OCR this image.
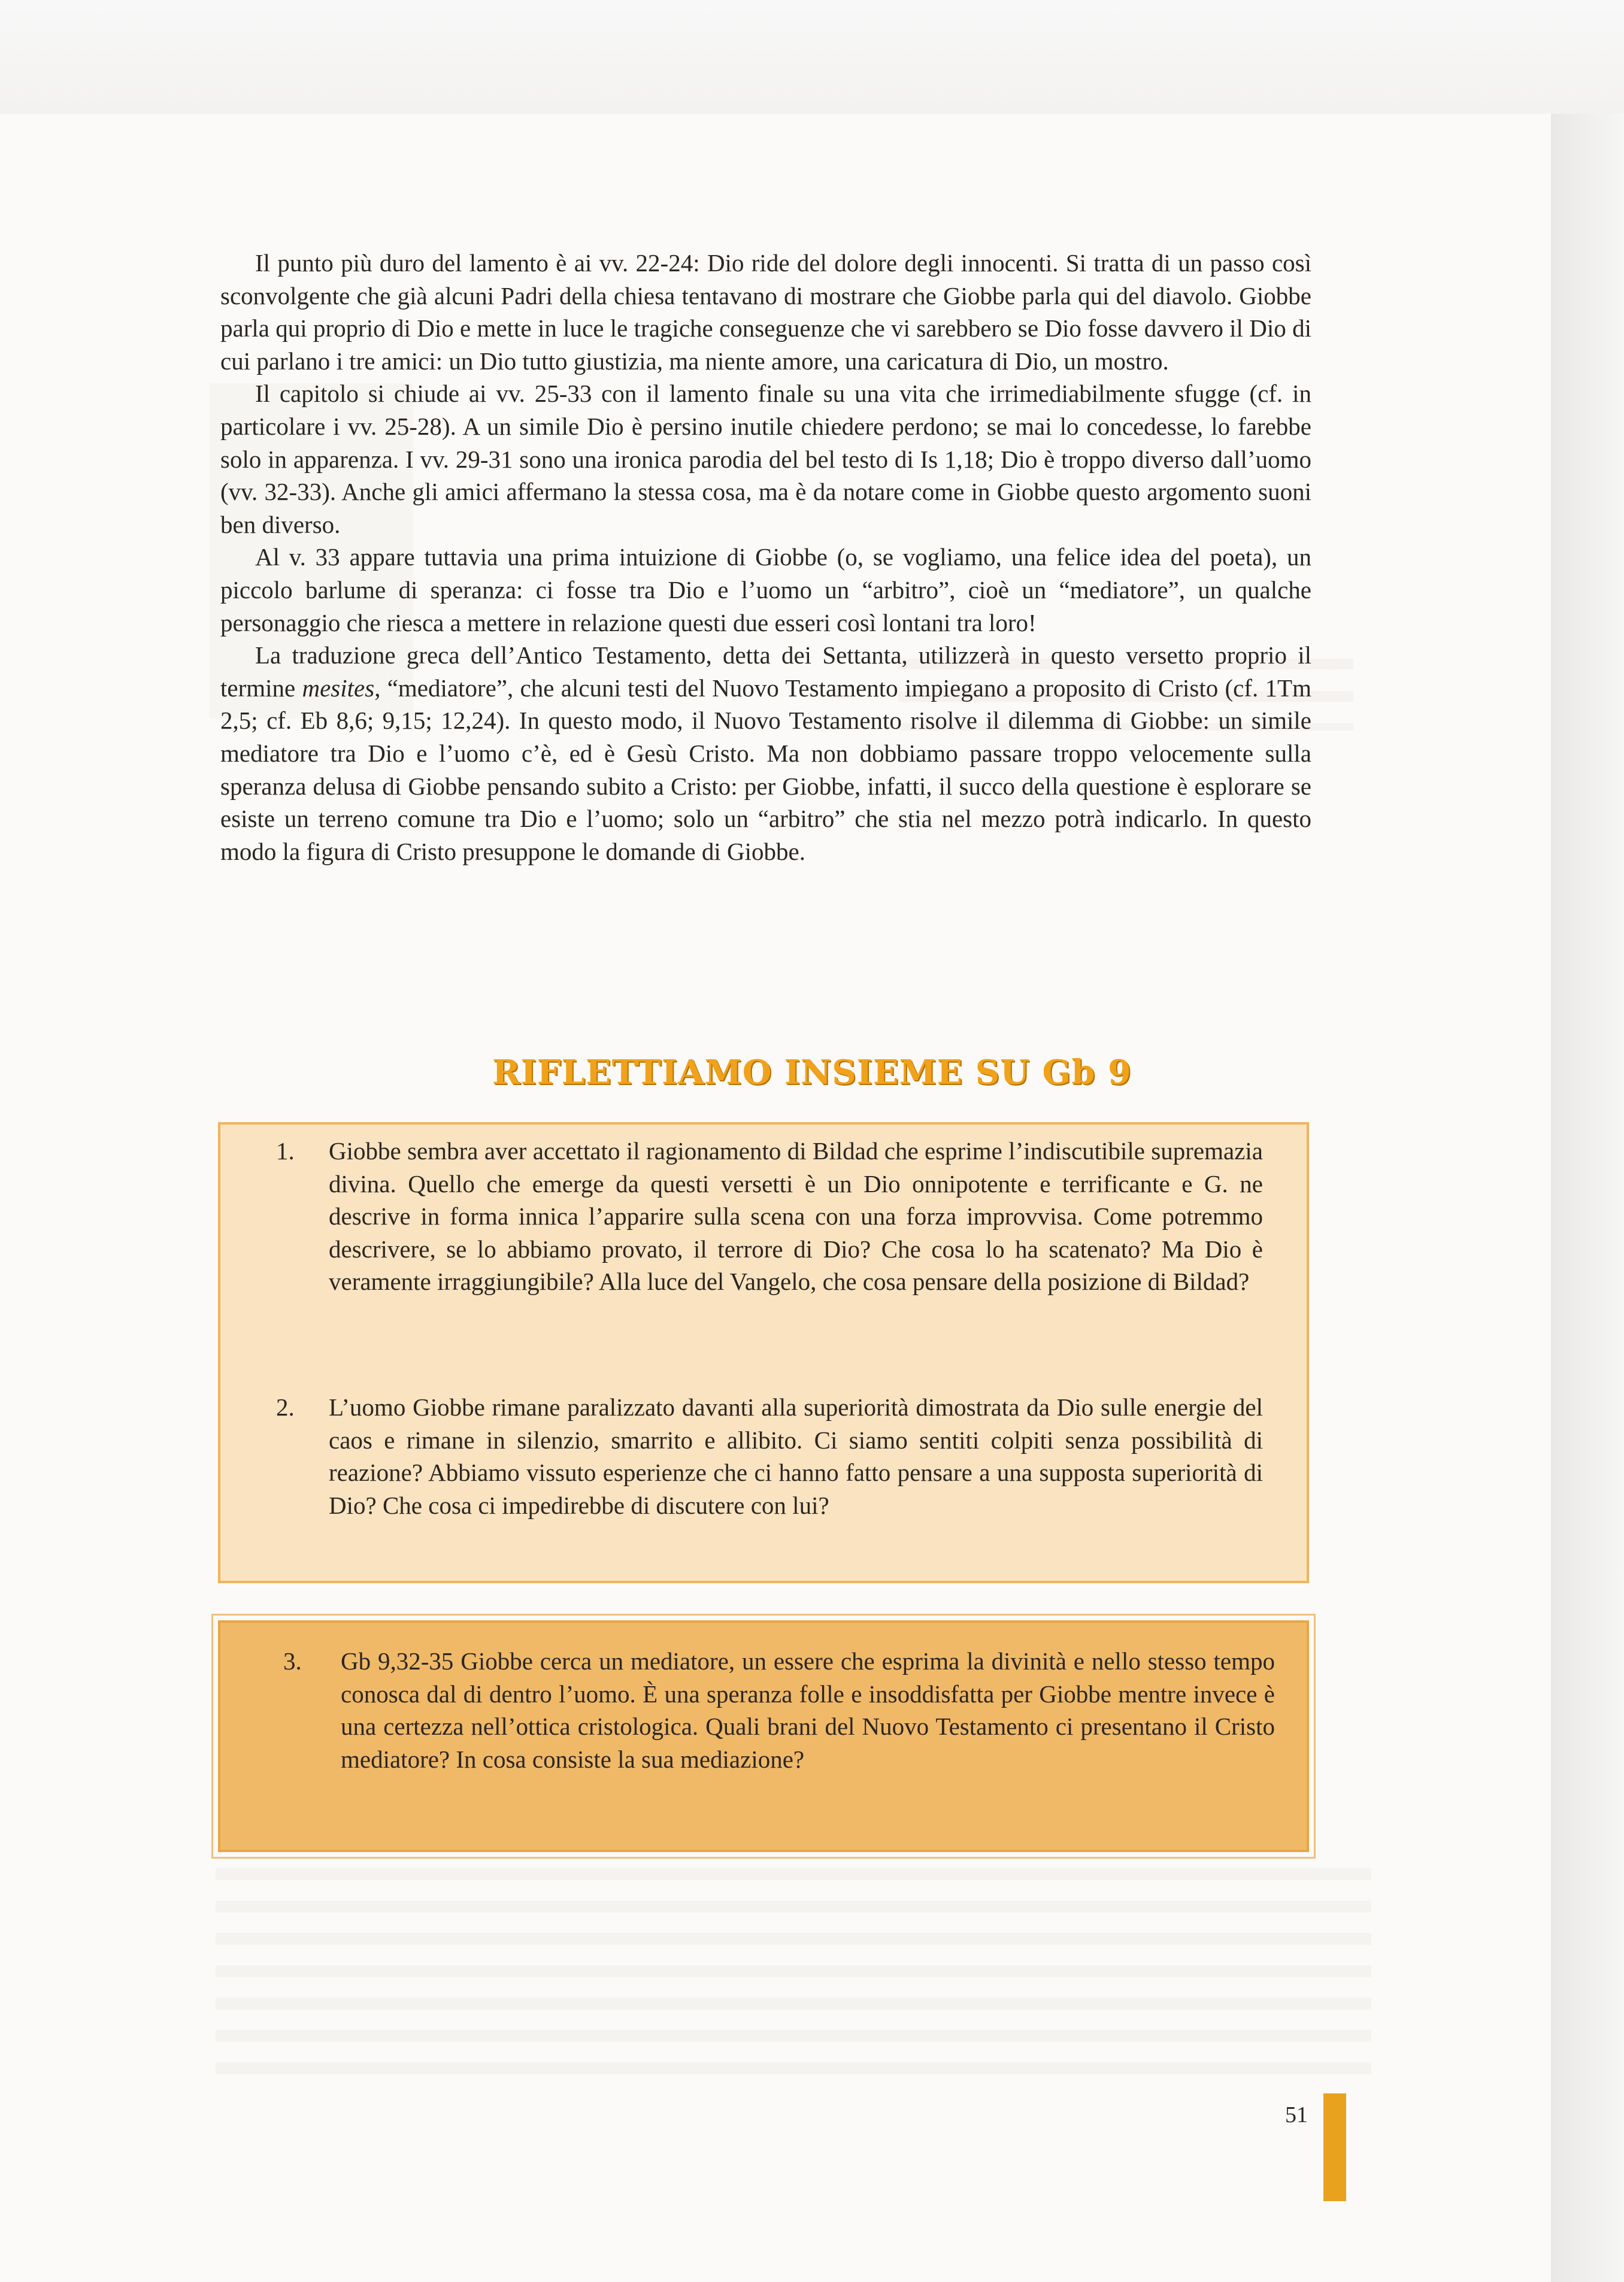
Il punto più duro del lamento è ai vv. 22-24: Dio ride del dolore degli innocenti. Si tratta di un passo così sconvolgente che già alcuni Padri della chiesa tentavano di mostrare che Giobbe parla qui del diavolo. Giobbe parla qui proprio di Dio e mette in luce le tragiche conseguenze che vi sarebbero se Dio fosse davvero il Dio di cui parlano i tre amici: un Dio tutto giustizia, ma niente amore, una caricatura di Dio, un mostro.

Il capitolo si chiude ai vv. 25-33 con il lamento finale su una vita che irrimediabilmente sfugge (cf. in particolare i vv. 25-28). A un simile Dio è persino inutile chiedere perdono; se mai lo concedesse, lo farebbe solo in apparenza. I vv. 29-31 sono una ironica parodia del bel testo di Is 1,18; Dio è troppo diverso dall’uomo (vv. 32-33). Anche gli amici affermano la stessa cosa, ma è da notare come in Giobbe questo argomento suoni ben diverso.

Al v. 33 appare tuttavia una prima intuizione di Giobbe (o, se vogliamo, una felice idea del poeta), un piccolo barlume di speranza: ci fosse tra Dio e l’uomo un “arbitro”, cioè un “mediatore”, un qualche personaggio che riesca a mettere in relazione questi due esseri così lontani tra loro!

La traduzione greca dell’Antico Testamento, detta dei Settanta, utilizzerà in questo versetto proprio il termine mesites, “mediatore”, che alcuni testi del Nuovo Testamento impiegano a proposito di Cristo (cf. 1Tm 2,5; cf. Eb 8,6; 9,15; 12,24). In questo modo, il Nuovo Testamento risolve il dilemma di Giobbe: un simile mediatore tra Dio e l’uomo c’è, ed è Gesù Cristo. Ma non dobbiamo passare troppo velocemente sulla speranza delusa di Giobbe pensando subito a Cristo: per Giobbe, infatti, il succo della questione è esplorare se esiste un terreno comune tra Dio e l’uomo; solo un “arbitro” che stia nel mezzo potrà indicarlo. In questo modo la figura di Cristo presuppone le domande di Giobbe.

RIFLETTIAMO INSIEME SU Gb 9
1. Giobbe sembra aver accettato il ragionamento di Bildad che esprime l’indiscutibile supremazia divina. Quello che emerge da questi versetti è un Dio onnipotente e terrificante e G. ne descrive in forma innica l’apparire sulla scena con una forza improvvisa. Come potremmo descrivere, se lo abbiamo provato, il terrore di Dio? Che cosa lo ha scatenato? Ma Dio è veramente irraggiungibile? Alla luce del Vangelo, che cosa pensare della posizione di Bildad?
2. L’uomo Giobbe rimane paralizzato davanti alla superiorità dimostrata da Dio sulle energie del caos e rimane in silenzio, smarrito e allibito. Ci siamo sentiti colpiti senza possibilità di reazione? Abbiamo vissuto esperienze che ci hanno fatto pensare a una supposta superiorità di Dio? Che cosa ci impedirebbe di discutere con lui?
3. Gb 9,32-35 Giobbe cerca un mediatore, un essere che esprima la divinità e nello stesso tempo conosca dal di dentro l’uomo. È una speranza folle e insoddisfatta per Giobbe mentre invece è una certezza nell’ottica cristologica. Quali brani del Nuovo Testamento ci presentano il Cristo mediatore? In cosa consiste la sua mediazione?
51
